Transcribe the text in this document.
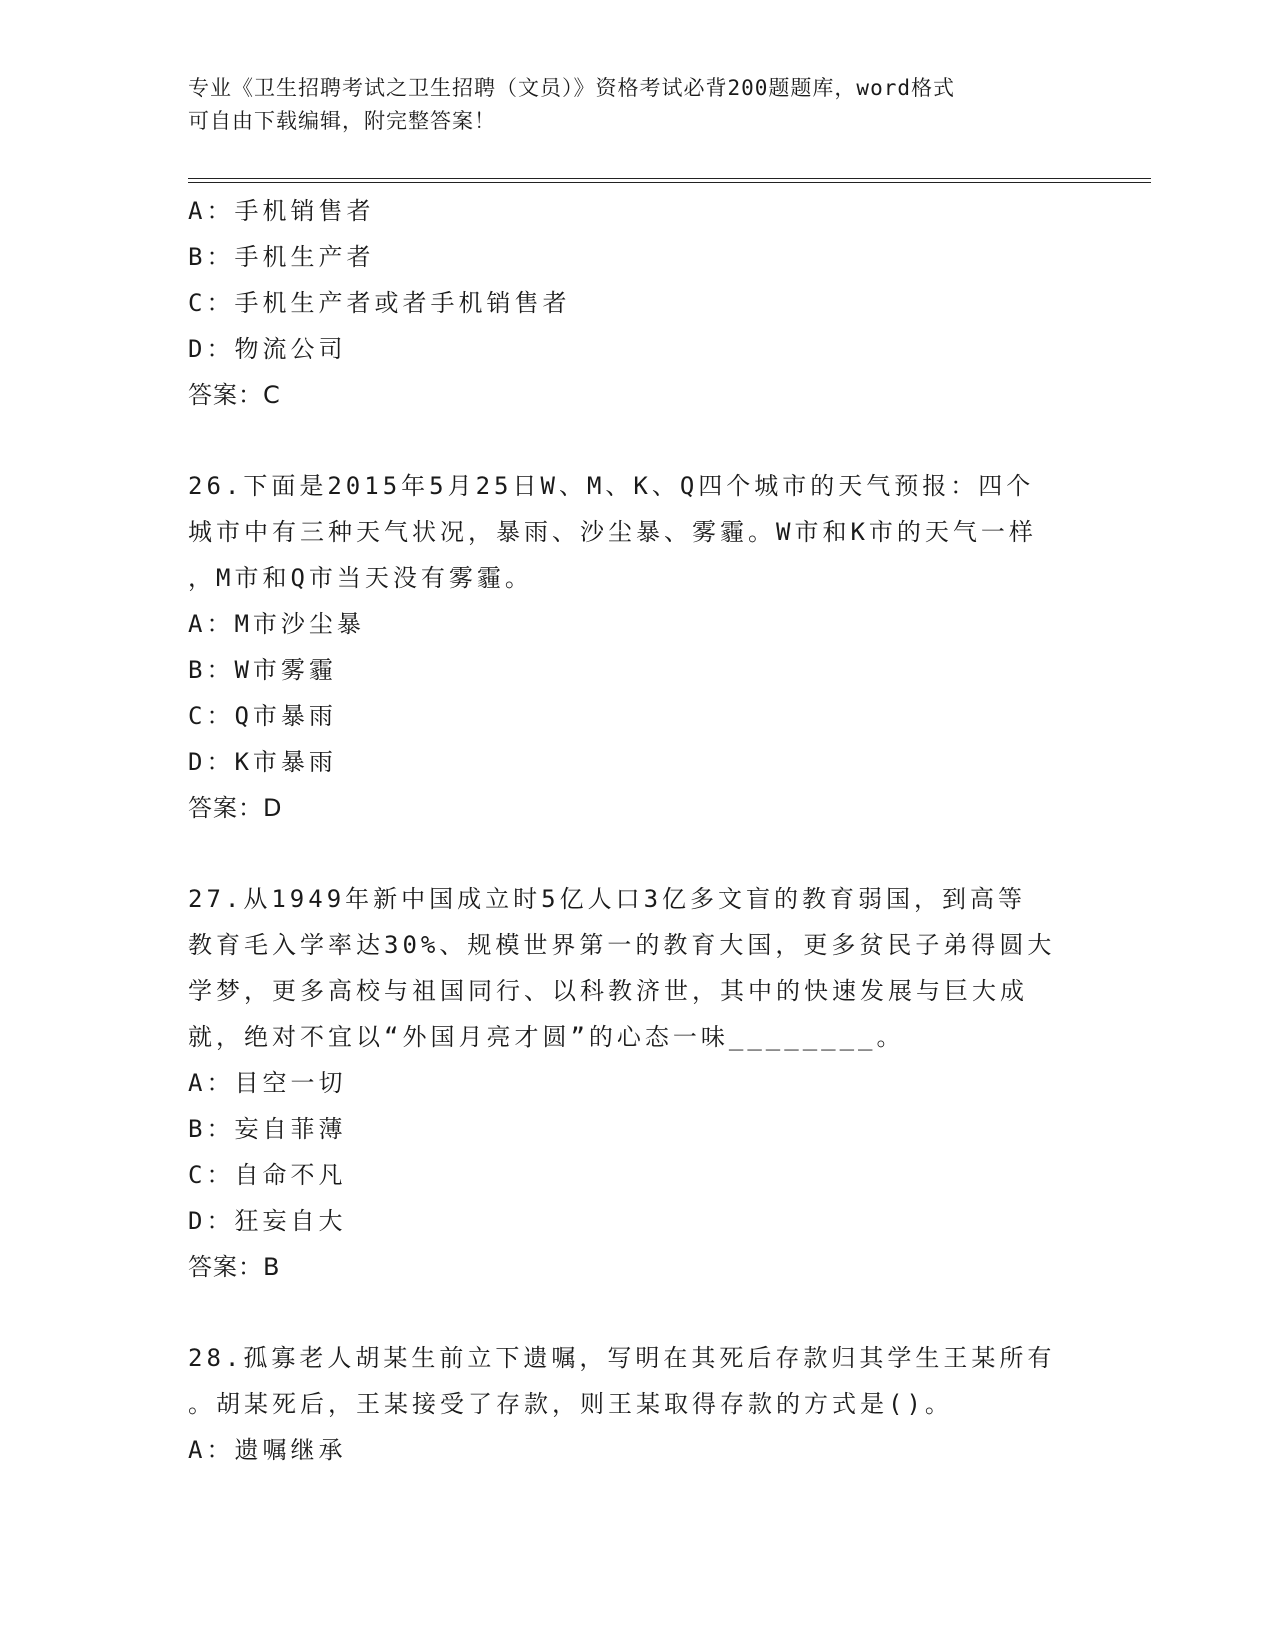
专业《卫生招聘考试之卫生招聘（文员）》资格考试必背200题题库，word格式
可自由下载编辑，附完整答案！
A：手机销售者
B：手机生产者
C：手机生产者或者手机销售者
D：物流公司
答案：C
26.下面是2015年5月25日W、M、K、Q四个城市的天气预报：四个
城市中有三种天气状况，暴雨、沙尘暴、雾霾。W市和K市的天气一样
，M市和Q市当天没有雾霾。
A：M市沙尘暴
B：W市雾霾
C：Q市暴雨
D：K市暴雨
答案：D
27.从1949年新中国成立时5亿人口3亿多文盲的教育弱国，到高等
教育毛入学率达30%、规模世界第一的教育大国，更多贫民子弟得圆大
学梦，更多高校与祖国同行、以科教济世，其中的快速发展与巨大成
就，绝对不宜以“外国月亮才圆”的心态一味________。
A：目空一切
B：妄自菲薄
C：自命不凡
D：狂妄自大
答案：B
28.孤寡老人胡某生前立下遗嘱，写明在其死后存款归其学生王某所有
。胡某死后，王某接受了存款，则王某取得存款的方式是()。
A：遗嘱继承
